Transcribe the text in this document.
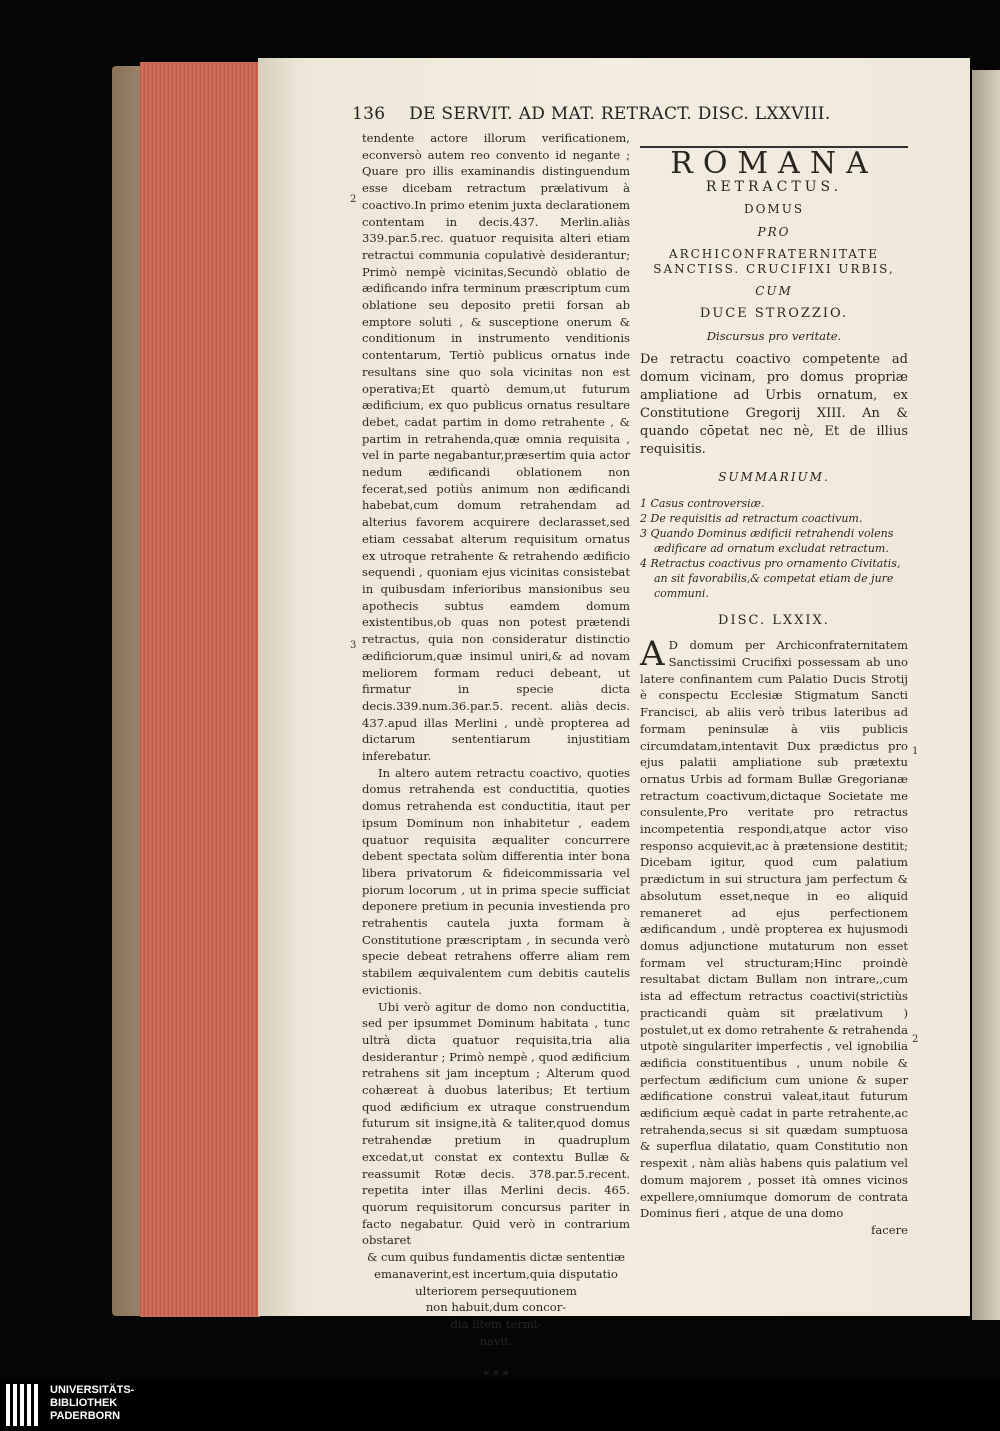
136 DE SERVIT. AD MAT. RETRACT. DISC. LXXVIII.
2
3
1
2

tendente actore illorum verificationem, econversò autem reo convento id negante ; Quare pro illis examinandis distinguendum esse dicebam retractum prælativum à coactivo.In primo etenim juxta declarationem contentam in decis.437. Merlin.aliàs 339.par.5.rec. quatuor requisita alteri etiam retractui communia copulativè desiderantur; Primò nempè vicinitas,Secundò oblatio de ædificando infra terminum præscriptum cum oblatione seu deposito pretii forsan ab emptore soluti , & susceptione onerum & conditionum in instrumento venditionis contentarum, Tertiò publicus ornatus inde resultans sine quo sola vicinitas non est operativa;Et quartò demum,ut futurum ædificium, ex quo publicus ornatus resultare debet, cadat partim in domo retrahente , & partim in retrahenda,quæ omnia requisita , vel in parte negabantur,præsertim quia actor nedum ædificandi oblationem non fecerat,sed potiùs animum non ædificandi habebat,cum domum retrahendam ad alterius favorem acquirere declarasset,sed etiam cessabat alterum requisitum ornatus ex utroque retrahente & retrahendo ædificio sequendi , quoniam ejus vicinitas consistebat in quibusdam inferioribus mansionibus seu apothecis subtus eamdem domum existentibus,ob quas non potest prætendi retractus, quia non consideratur distinctio ædificiorum,quæ insimul uniri,& ad novam meliorem formam reduci debeant, ut firmatur in specie dicta decis.339.num.36.par.5. recent. aliàs decis. 437.apud illas Merlini , undè propterea ad dictarum sententiarum injustitiam inferebatur.

In altero autem retractu coactivo, quoties domus retrahenda est conductitia, quoties domus retrahenda est conductitia, itaut per ipsum Dominum non inhabitetur , eadem quatuor requisita æqualiter concurrere debent spectata solùm differentia inter bona libera privatorum & fideicommissaria vel piorum locorum , ut in prima specie sufficiat deponere pretium in pecunia investienda pro retrahentis cautela juxta formam à Constitutione præscriptam , in secunda verò specie debeat retrahens offerre aliam rem stabilem æquivalentem cum debitis cautelis evictionis.

Ubi verò agitur de domo non conductitia, sed per ipsummet Dominum habitata , tunc ultrà dicta quatuor requisita,tria alia desiderantur ; Primò nempè , quod ædificium retrahens sit jam inceptum ; Alterum quod cohæreat à duobus lateribus; Et tertium quod ædificium ex utraque construendum futurum sit insigne,ità & taliter,quod domus retrahendæ pretium in quadruplum excedat,ut constat ex contextu Bullæ & reassumit Rotæ decis. 378.par.5.recent. repetita inter illas Merlini decis. 465. quorum requisitorum concursus pariter in facto negabatur. Quid verò in contrarium obstaret

& cum quibus fundamentis dictæ sententiæ emanaverint,est incertum,quia disputatio ulteriorem persequutionem
non habuit,dum concor-
dia litem termi-
navit.
* * *
ROMANA
RETRACTUS.
DOMUS
PRO
ARCHICONFRATERNITATE SANCTISS. CRUCIFIXI URBIS,
CUM
DUCE STROZZIO.
Discursus pro veritate.

De retractu coactivo competente ad domum vicinam, pro domus propriæ ampliatione ad Urbis ornatum, ex Constitutione Gregorij XIII. An & quando cōpetat nec nè, Et de illius requisitis.

SUMMARIUM.
1 Casus controversiæ.
2 De requisitis ad retractum coactivum.
3 Quando Dominus ædificii retrahendi volens ædificare ad ornatum excludat retractum.
4 Retractus coactivus pro ornamento Civitatis, an sit favorabilis,& competat etiam de jure communi.
DISC. LXXIX.

A D domum per Archiconfraternitatem Sanctissimi Crucifixi possessam ab uno latere confinantem cum Palatio Ducis Strotij è conspectu Ecclesiæ Stigmatum Sancti Francisci, ab aliis verò tribus lateribus ad formam peninsulæ à viis publicis circumdatam,intentavit Dux prædictus pro ejus palatii ampliatione sub prætextu ornatus Urbis ad formam Bullæ Gregorianæ retractum coactivum,dictaque Societate me consulente,Pro veritate pro retractus incompetentia respondi,atque actor viso responso acquievit,ac à prætensione destitit; Dicebam igitur, quod cum palatium prædictum in sui structura jam perfectum & absolutum esset,neque in eo aliquid remaneret ad ejus perfectionem ædificandum , undè propterea ex hujusmodi domus adjunctione mutaturum non esset formam vel structuram;Hinc proindè resultabat dictam Bullam non intrare,,cum ista ad effectum retractus coactivi(strictiùs practicandi quàm sit prælativum ) postulet,ut ex domo retrahente & retrahenda utpotè singulariter imperfectis , vel ignobilia ædificia constituentibus , unum nobile & perfectum ædificium cum unione & super ædificatione construi valeat,itaut futurum ædificium æquè cadat in parte retrahente,ac retrahenda,secus si sit quædam sumptuosa & superflua dilatatio, quam Constitutio non respexit , nàm aliàs habens quis palatium vel domum majorem , posset ità omnes vicinos expellere,omniumque domorum de contrata Dominus fieri , atque de una domo

facere
UNIVERSITÄTS-
BIBLIOTHEK
PADERBORN
